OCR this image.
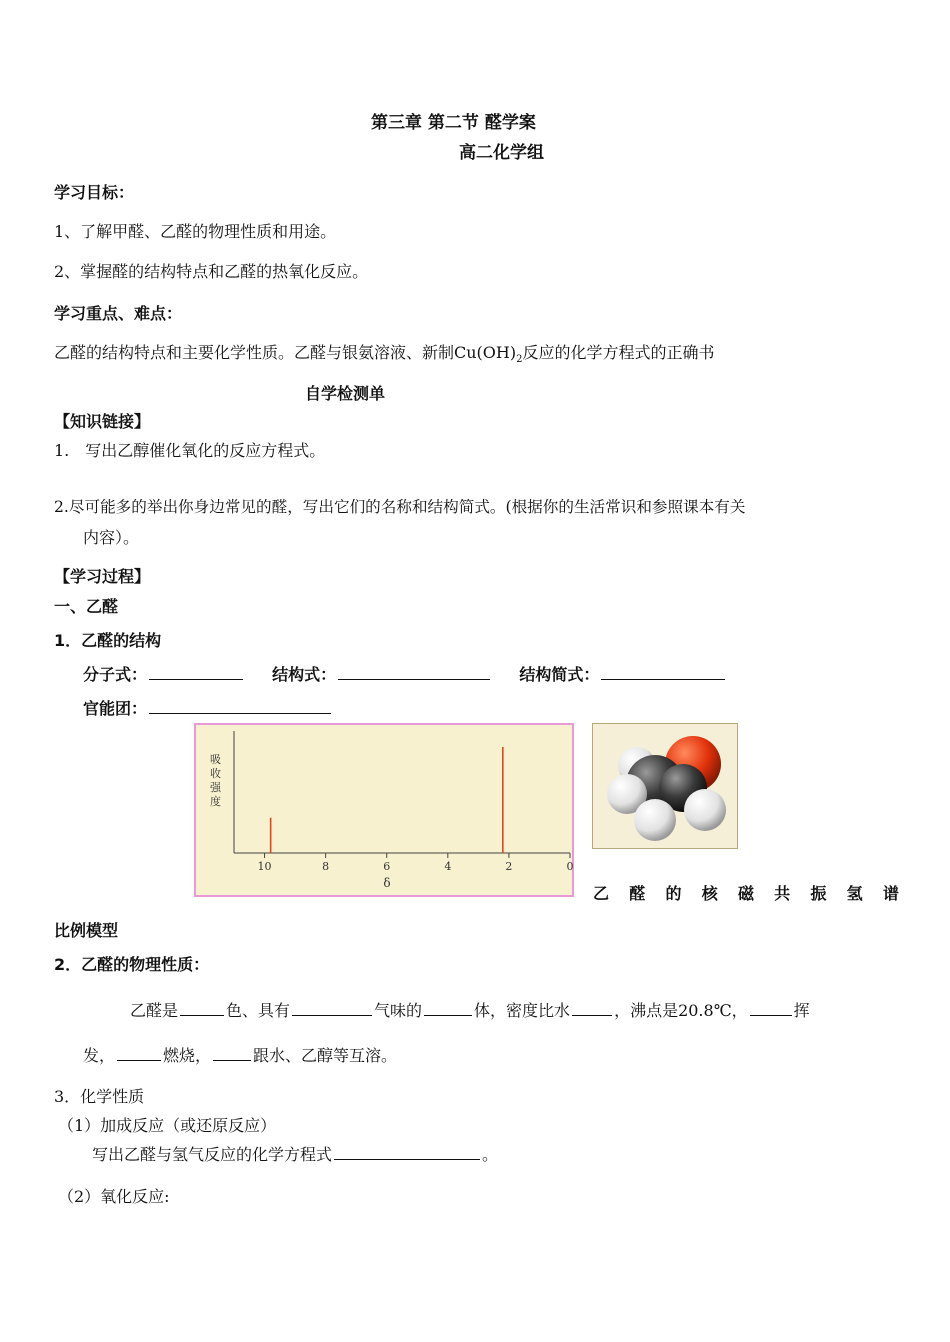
第三章 第二节 醛学案
高二化学组
学习目标：
1、了解甲醛、乙醛的物理性质和用途。
2、掌握醛的结构特点和乙醛的热氧化反应。
学习重点、难点：
乙醛的结构特点和主要化学性质。乙醛与银氨溶液、新制$Cu(OH)_2$反应的化学方程式的正确书
自学检测单
【知识链接】
1.　写出乙醇催化氧化的反应方程式。
2.尽可能多的举出你身边常见的醛，写出它们的名称和结构简式。(根据你的生活常识和参照课本有关
内容）。
【学习过程】
一、乙醛
1．乙醛的结构
分子式：	结构式：	结构简式：
官能团：
吸
收
强
度
10	8	6	4	2	0
δ
乙 醛 的 核 磁 共 振 氢 谱
比例模型
2．乙醛的物理性质：
乙醛是	色、具有	气味的	体，密度比水	，沸点是20.8℃，	挥
发，	燃烧，	跟水、乙醇等互溶。
3．化学性质
（1）加成反应（或还原反应）
写出乙醛与氢气反应的化学方程式	。
（2）氧化反应:
